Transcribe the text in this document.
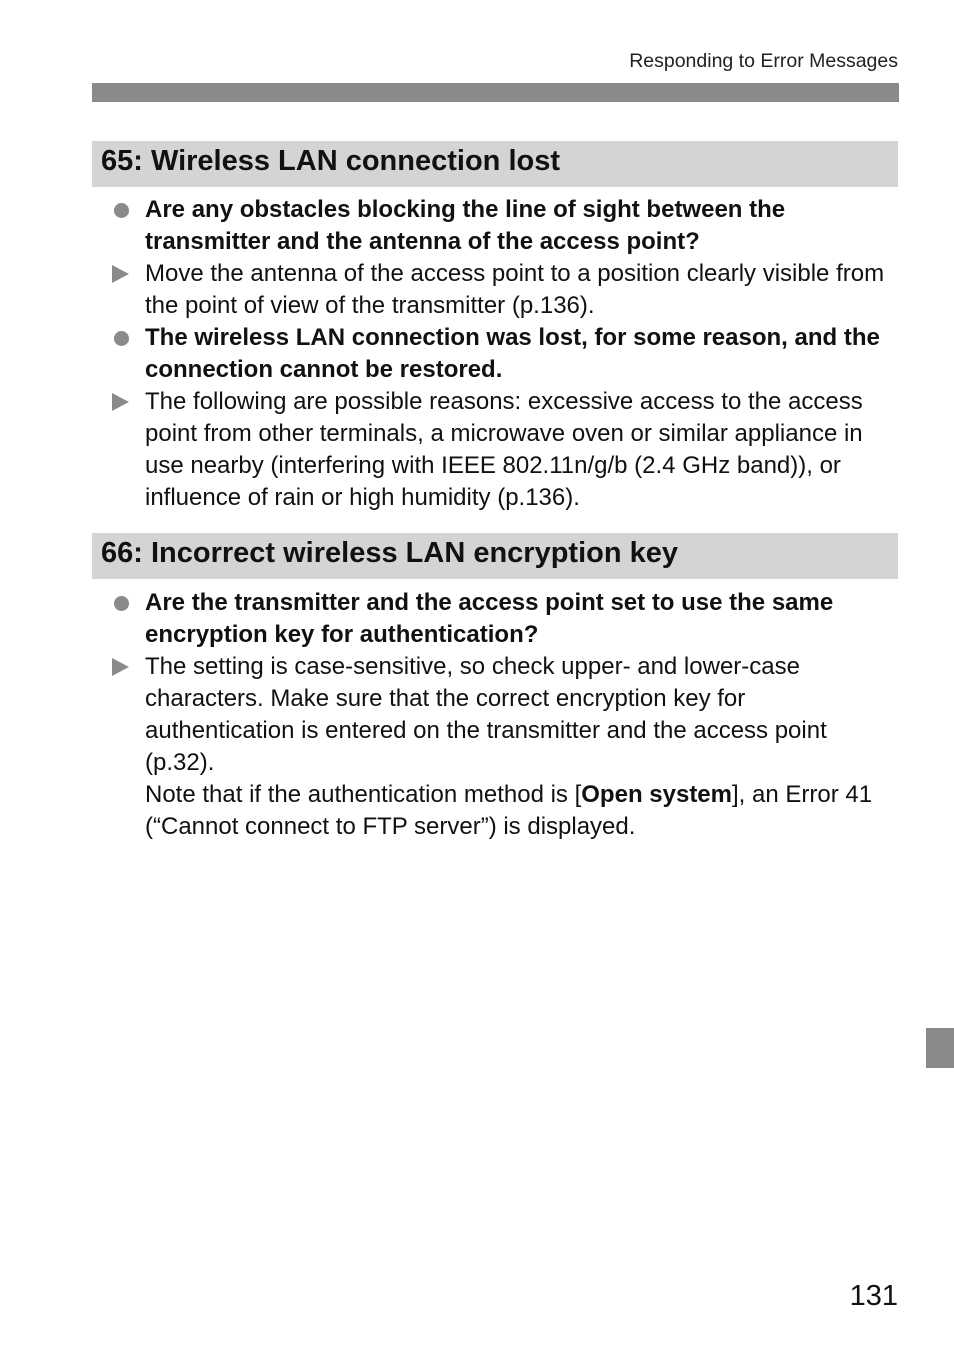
Responding to Error Messages
65: Wireless LAN connection lost
Are any obstacles blocking the line of sight between the transmitter and the antenna of the access point?
Move the antenna of the access point to a position clearly visible from the point of view of the transmitter (p.136).
The wireless LAN connection was lost, for some reason, and the connection cannot be restored.
The following are possible reasons: excessive access to the access point from other terminals, a microwave oven or similar appliance in use nearby (interfering with IEEE 802.11n/g/b (2.4 GHz band)), or influence of rain or high humidity (p.136).
66: Incorrect wireless LAN encryption key
Are the transmitter and the access point set to use the same encryption key for authentication?
The setting is case-sensitive, so check upper- and lower-case characters. Make sure that the correct encryption key for authentication is entered on the transmitter and the access point (p.32).
Note that if the authentication method is [Open system], an Error 41 (“Cannot connect to FTP server”) is displayed.
131
